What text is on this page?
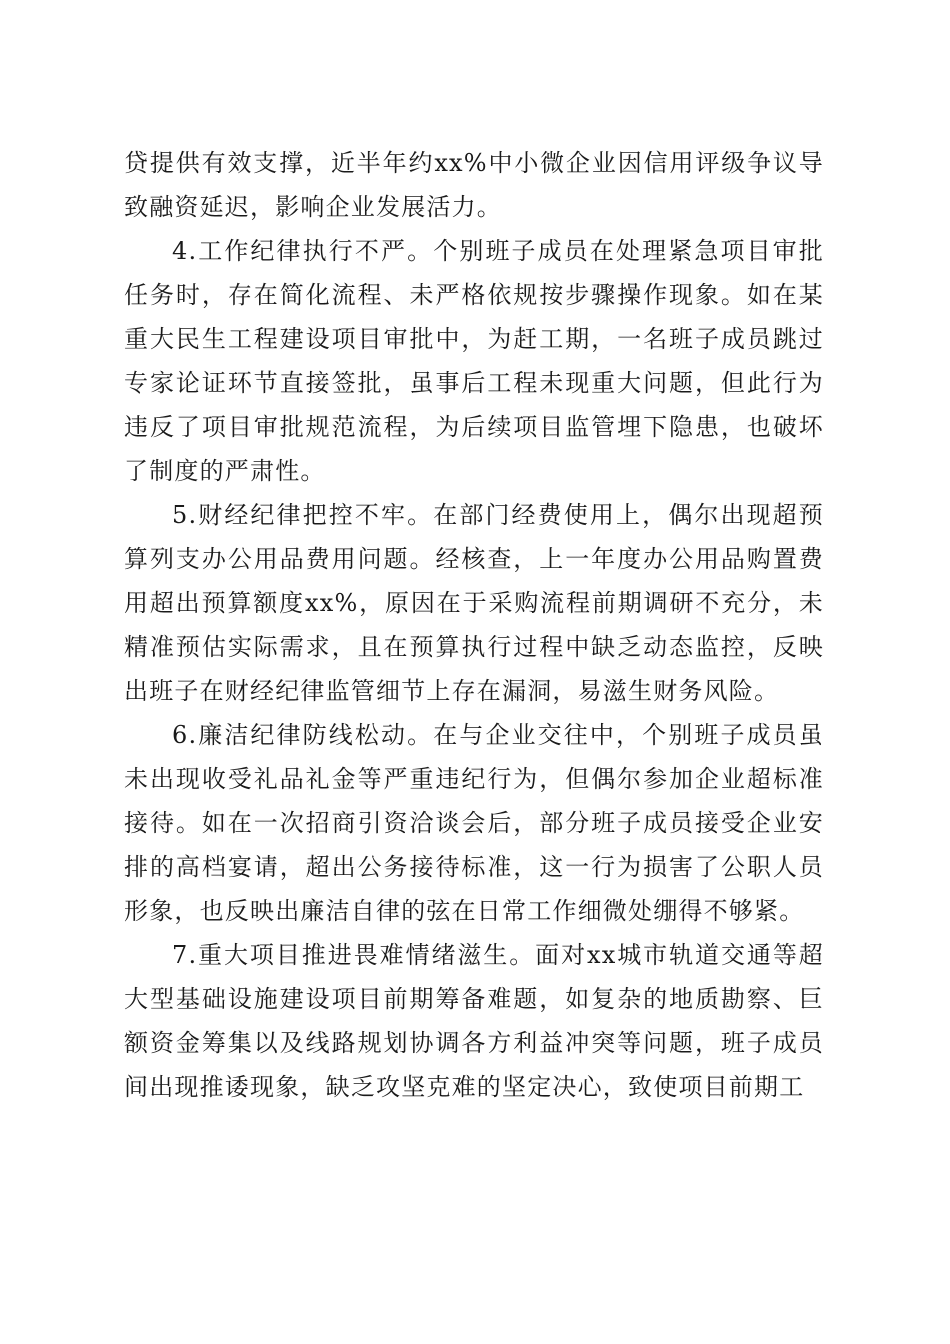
贷提供有效支撑，近半年约xx%中小微企业因信用评级争议导致融资延迟，影响企业发展活力。

4.工作纪律执行不严。个别班子成员在处理紧急项目审批任务时，存在简化流程、未严格依规按步骤操作现象。如在某重大民生工程建设项目审批中，为赶工期，一名班子成员跳过专家论证环节直接签批，虽事后工程未现重大问题，但此行为违反了项目审批规范流程，为后续项目监管埋下隐患，也破坏了制度的严肃性。

5.财经纪律把控不牢。在部门经费使用上，偶尔出现超预算列支办公用品费用问题。经核查，上一年度办公用品购置费用超出预算额度xx%，原因在于采购流程前期调研不充分，未精准预估实际需求，且在预算执行过程中缺乏动态监控，反映出班子在财经纪律监管细节上存在漏洞，易滋生财务风险。

6.廉洁纪律防线松动。在与企业交往中，个别班子成员虽未出现收受礼品礼金等严重违纪行为，但偶尔参加企业超标准接待。如在一次招商引资洽谈会后，部分班子成员接受企业安排的高档宴请，超出公务接待标准，这一行为损害了公职人员形象，也反映出廉洁自律的弦在日常工作细微处绷得不够紧。

7.重大项目推进畏难情绪滋生。面对xx城市轨道交通等超大型基础设施建设项目前期筹备难题，如复杂的地质勘察、巨额资金筹集以及线路规划协调各方利益冲突等问题，班子成员间出现推诿现象，缺乏攻坚克难的坚定决心，致使项目前期工
